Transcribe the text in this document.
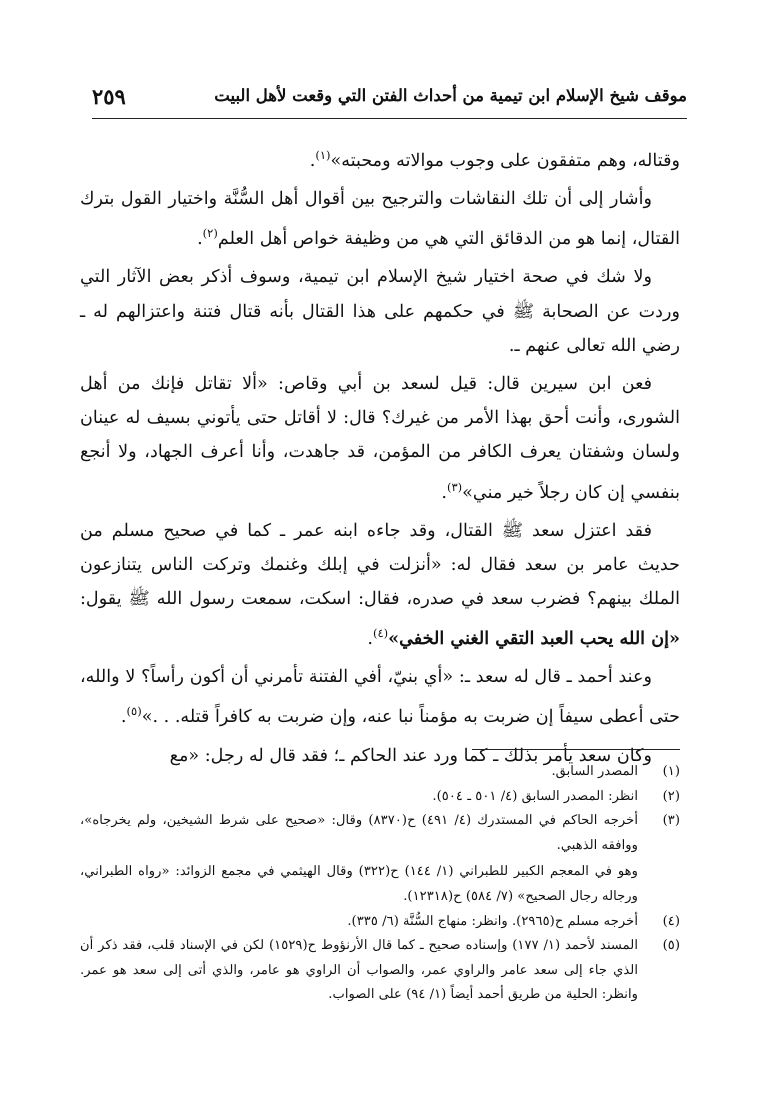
موقف شيخ الإسلام ابن تيمية من أحداث الفتن التي وقعت لأهل البيت
٢٥٩

وقتاله، وهم متفقون على وجوب موالاته ومحبته»$^{(١)}$.

وأشار إلى أن تلك النقاشات والترجيح بين أقوال أهل السُّنَّة واختيار القول بترك القتال، إنما هو من الدقائق التي هي من وظيفة خواص أهل العلم$^{(٢)}$.

ولا شك في صحة اختيار شيخ الإسلام ابن تيمية، وسوف أذكر بعض الآثار التي وردت عن الصحابة ﷺ في حكمهم على هذا القتال بأنه قتال فتنة واعتزالهم له ـ رضي الله تعالى عنهم ـ.

فعن ابن سيرين قال: قيل لسعد بن أبي وقاص: «ألا تقاتل فإنك من أهل الشورى، وأنت أحق بهذا الأمر من غيرك؟ قال: لا أقاتل حتى يأتوني بسيف له عينان ولسان وشفتان يعرف الكافر من المؤمن، قد جاهدت، وأنا أعرف الجهاد، ولا أنجع بنفسي إن كان رجلاً خير مني»$^{(٣)}$.

فقد اعتزل سعد ﷺ القتال، وقد جاءه ابنه عمر ـ كما في صحيح مسلم من حديث عامر بن سعد فقال له: «أنزلت في إبلك وغنمك وتركت الناس يتنازعون الملك بينهم؟ فضرب سعد في صدره، فقال: اسكت، سمعت رسول الله ﷺ يقول: «إن الله يحب العبد التقي الغني الخفي»$^{(٤)}$.

وعند أحمد ـ قال له سعد ـ: «أي بنيّ، أفي الفتنة تأمرني أن أكون رأساً؟ لا والله، حتى أعطى سيفاً إن ضربت به مؤمناً نبا عنه، وإن ضربت به كافراً قتله. . .»$^{(٥)}$.

وكان سعد يأمر بذلك ـ كما ورد عند الحاكم ـ؛ فقد قال له رجل: «مع

(١)
المصدر السابق.
(٢)
انظر: المصدر السابق (٤/ ٥٠١ ـ ٥٠٤).
(٣)
أخرجه الحاكم في المستدرك (٤/ ٤٩١) ح(٨٣٧٠) وقال: «صحيح على شرط الشيخين، ولم يخرجاه»، ووافقه الذهبي.
وهو في المعجم الكبير للطبراني (١/ ١٤٤) ح(٣٢٢) وقال الهيثمي في مجمع الزوائد: «رواه الطبراني، ورجاله رجال الصحيح» (٧/ ٥٨٤) ح(١٢٣١٨).
(٤)
أخرجه مسلم ح(٢٩٦٥). وانظر: منهاج السُّنَّة (٦/ ٣٣٥).
(٥)
المسند لأحمد (١/ ١٧٧) وإسناده صحيح ـ كما قال الأرنؤوط ح(١٥٢٩) لكن في الإسناد قلب، فقد ذكر أن الذي جاء إلى سعد عامر والراوي عمر، والصواب أن الراوي هو عامر، والذي أتى إلى سعد هو عمر. وانظر: الحلية من طريق أحمد أيضاً (١/ ٩٤) على الصواب.
